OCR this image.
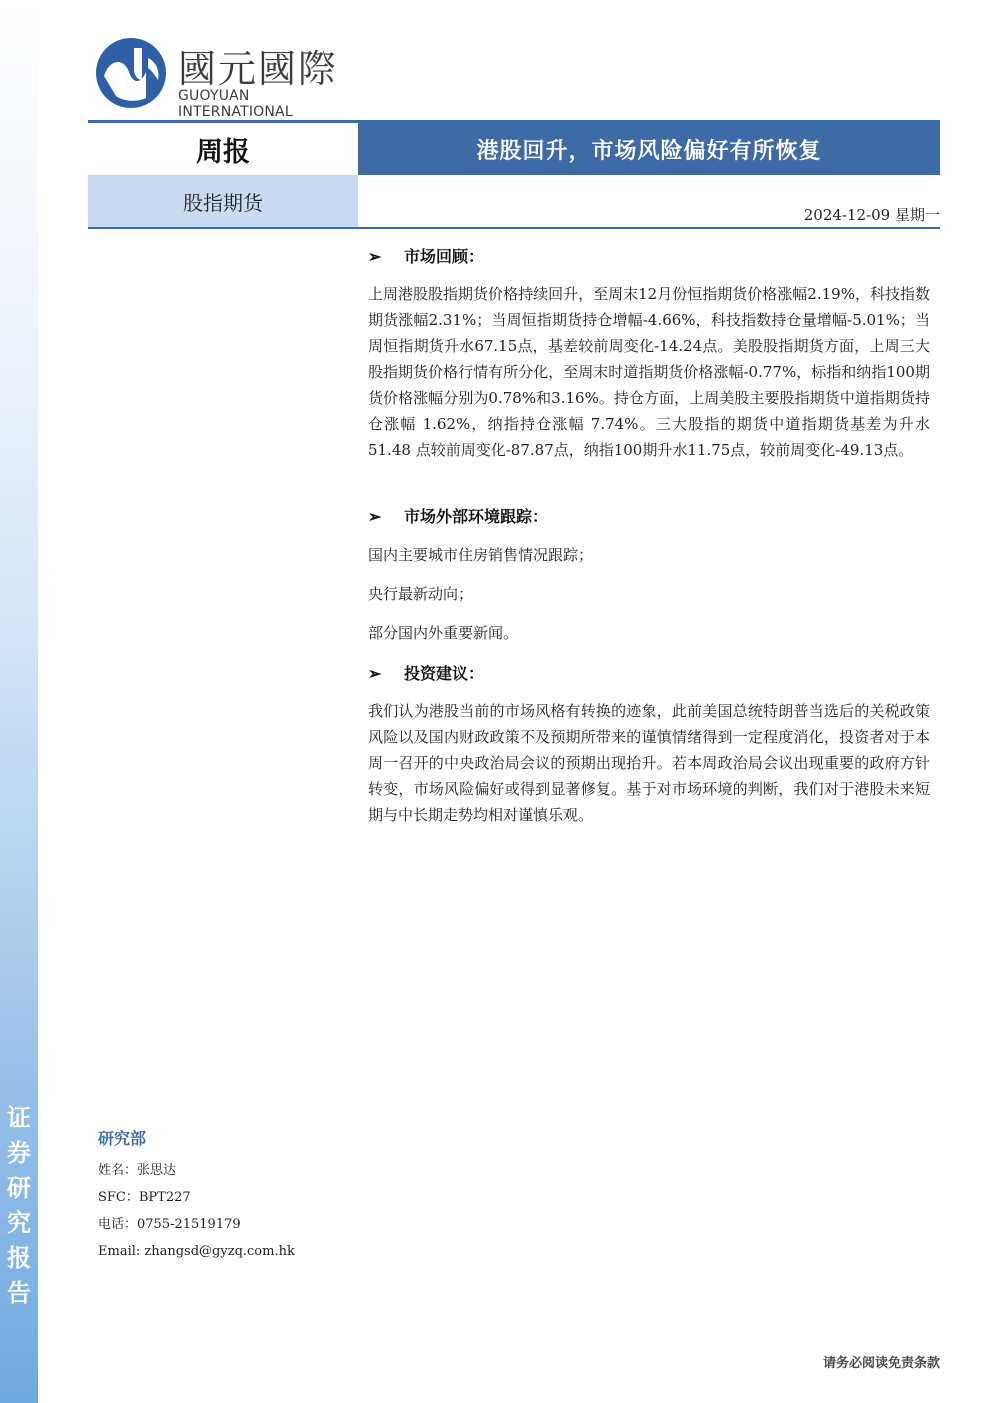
证
券
研
究
报
告
國元國際
GUOYUAN INTERNATIONAL
周报	港股回升，市场风险偏好有所恢复
股指期货
2024-12-09 星期一
➢ 市场回顾：
上周港股股指期货价格持续回升，至周末12月份恒指期货价格涨幅2.19%，科技指数期货涨幅2.31%；当周恒指期货持仓增幅-4.66%，科技指数持仓量增幅-5.01%；当周恒指期货升水67.15点，基差较前周变化-14.24点。美股股指期货方面，上周三大股指期货价格行情有所分化，至周末时道指期货价格涨幅-0.77%，标指和纳指100期货价格涨幅分别为0.78%和3.16%。持仓方面，上周美股主要股指期货中道指期货持仓涨幅 1.62%，纳指持仓涨幅 7.74%。三大股指的期货中道指期货基差为升水 51.48 点较前周变化-87.87点，纳指100期升水11.75点，较前周变化-49.13点。
➢ 市场外部环境跟踪：
国内主要城市住房销售情况跟踪；
央行最新动向；
部分国内外重要新闻。
➢ 投资建议：
我们认为港股当前的市场风格有转换的迹象，此前美国总统特朗普当选后的关税政策风险以及国内财政政策不及预期所带来的谨慎情绪得到一定程度消化，投资者对于本周一召开的中央政治局会议的预期出现抬升。若本周政治局会议出现重要的政府方针转变，市场风险偏好或得到显著修复。基于对市场环境的判断，我们对于港股未来短期与中长期走势均相对谨慎乐观。
研究部
姓名：张思达
SFC：BPT227
电话：0755-21519179
Email: zhangsd@gyzq.com.hk
请务必阅读免责条款
